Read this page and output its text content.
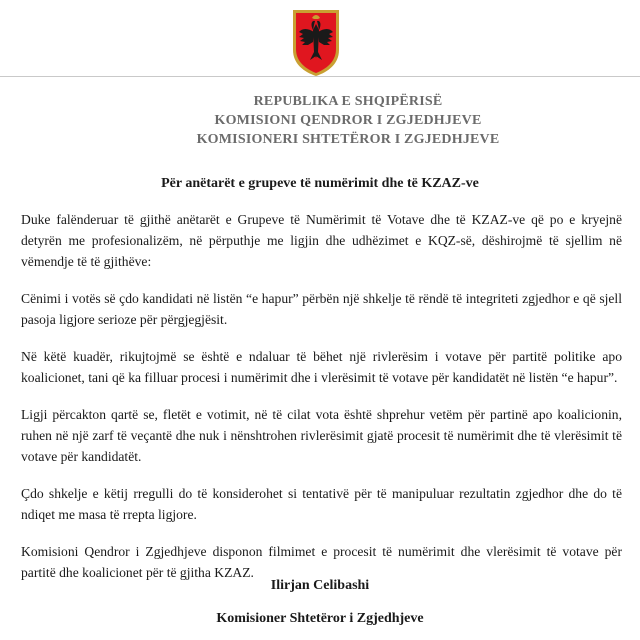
REPUBLIKA E SHQIPËRISË
KOMISIONI QENDROR I ZGJEDHJEVE
KOMISIONERI SHTETËROR I ZGJEDHJEVE
Për anëtarët e grupeve të numërimit dhe të KZAZ-ve

Duke falënderuar të gjithë anëtarët e Grupeve të Numërimit të Votave dhe të KZAZ-ve që po e kryejnë detyrën me profesionalizëm, në përputhje me ligjin dhe udhëzimet e KQZ-së, dëshirojmë të sjellim në vëmendje të të gjithëve:

Cënimi i votës së çdo kandidati në listën “e hapur” përbën një shkelje të rëndë të integriteti zgjedhor e që sjell pasoja ligjore serioze për përgjegjësit.

Në këtë kuadër, rikujtojmë se është e ndaluar të bëhet një rivlerësim i votave për partitë politike apo koalicionet, tani që ka filluar procesi i numërimit dhe i vlerësimit të votave për kandidatët në listën “e hapur”.

Ligji përcakton qartë se, fletët e votimit, në të cilat vota është shprehur vetëm për partinë apo koalicionin, ruhen në një zarf të veçantë dhe nuk i nënshtrohen rivlerësimit gjatë procesit të numërimit dhe të vlerësimit të votave për kandidatët.

Çdo shkelje e këtij rregulli do të konsiderohet si tentativë për të manipuluar rezultatin zgjedhor dhe do të ndiqet me masa të rrepta ligjore.

Komisioni Qendror i Zgjedhjeve disponon filmimet e procesit të numërimit dhe vlerësimit të votave për partitë dhe koalicionet për të gjitha KZAZ.

Ilirjan Celibashi
Komisioner Shtetëror i Zgjedhjeve
